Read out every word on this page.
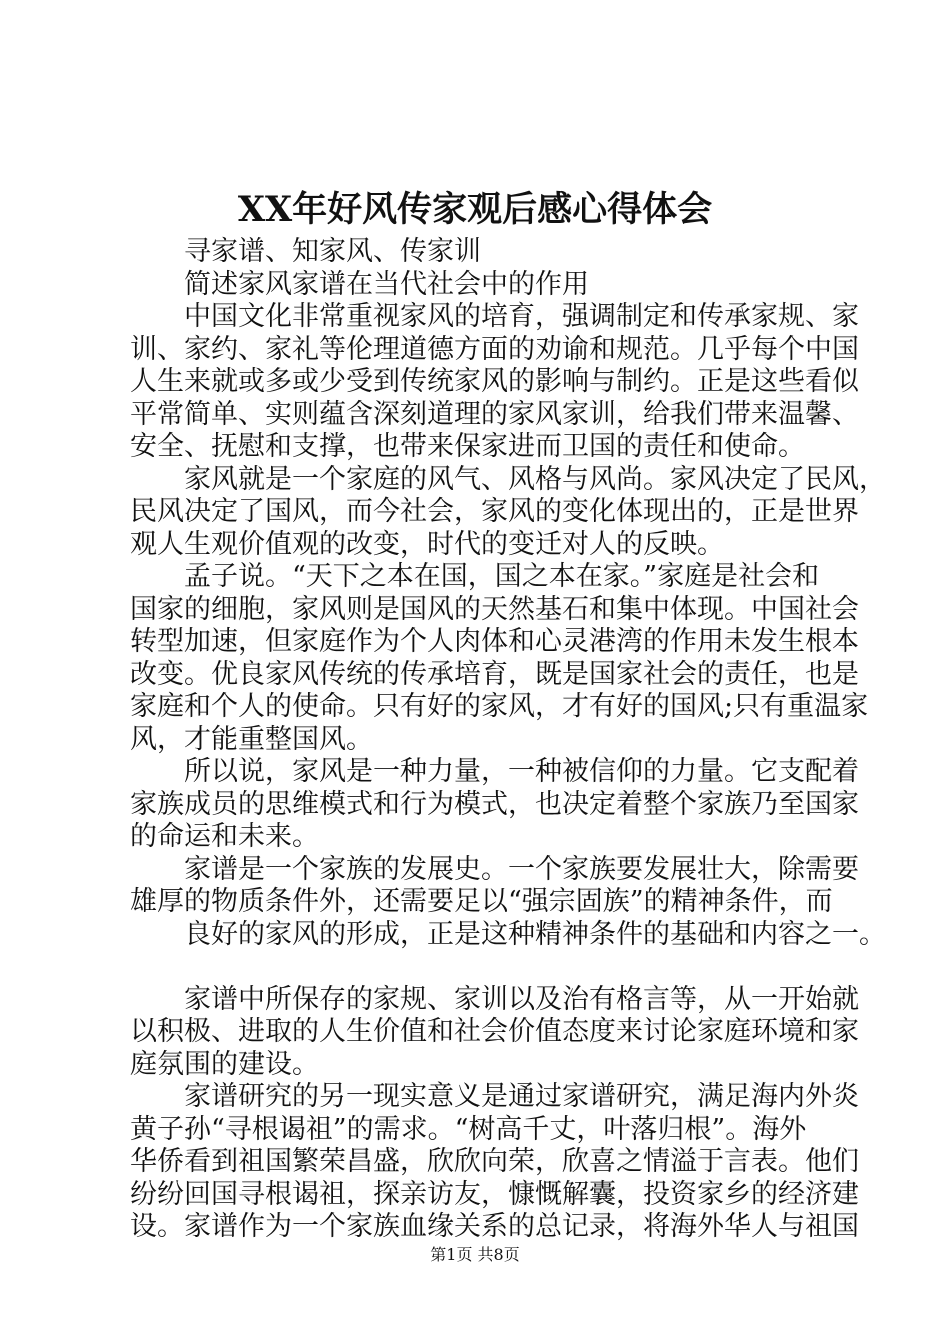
XX年好风传家观后感心得体会
寻家谱、知家风、传家训
简述家风家谱在当代社会中的作用
中国文化非常重视家风的培育，强调制定和传承家规、家
训、家约、家礼等伦理道德方面的劝谕和规范。几乎每个中国
人生来就或多或少受到传统家风的影响与制约。正是这些看似
平常简单、实则蕴含深刻道理的家风家训，给我们带来温馨、
安全、抚慰和支撑，也带来保家进而卫国的责任和使命。
家风就是一个家庭的风气、风格与风尚。家风决定了民风，
民风决定了国风，而今社会，家风的变化体现出的，正是世界
观人生观价值观的改变，时代的变迁对人的反映。
孟子说。“天下之本在国，国之本在家。”家庭是社会和
国家的细胞，家风则是国风的天然基石和集中体现。中国社会
转型加速，但家庭作为个人肉体和心灵港湾的作用未发生根本
改变。优良家风传统的传承培育，既是国家社会的责任，也是
家庭和个人的使命。只有好的家风，才有好的国风;只有重温家
风，才能重整国风。
所以说，家风是一种力量，一种被信仰的力量。它支配着
家族成员的思维模式和行为模式，也决定着整个家族乃至国家
的命运和未来。
家谱是一个家族的发展史。一个家族要发展壮大，除需要
雄厚的物质条件外，还需要足以“强宗固族”的精神条件，而
良好的家风的形成，正是这种精神条件的基础和内容之一。
家谱中所保存的家规、家训以及治有格言等，从一开始就
以积极、进取的人生价值和社会价值态度来讨论家庭环境和家
庭氛围的建设。
家谱研究的另一现实意义是通过家谱研究，满足海内外炎
黄子孙“寻根谒祖”的需求。“树高千丈，叶落归根”。海外
华侨看到祖国繁荣昌盛，欣欣向荣，欣喜之情溢于言表。他们
纷纷回国寻根谒祖，探亲访友，慷慨解囊，投资家乡的经济建
设。家谱作为一个家族血缘关系的总记录，将海外华人与祖国
第1页 共8页
